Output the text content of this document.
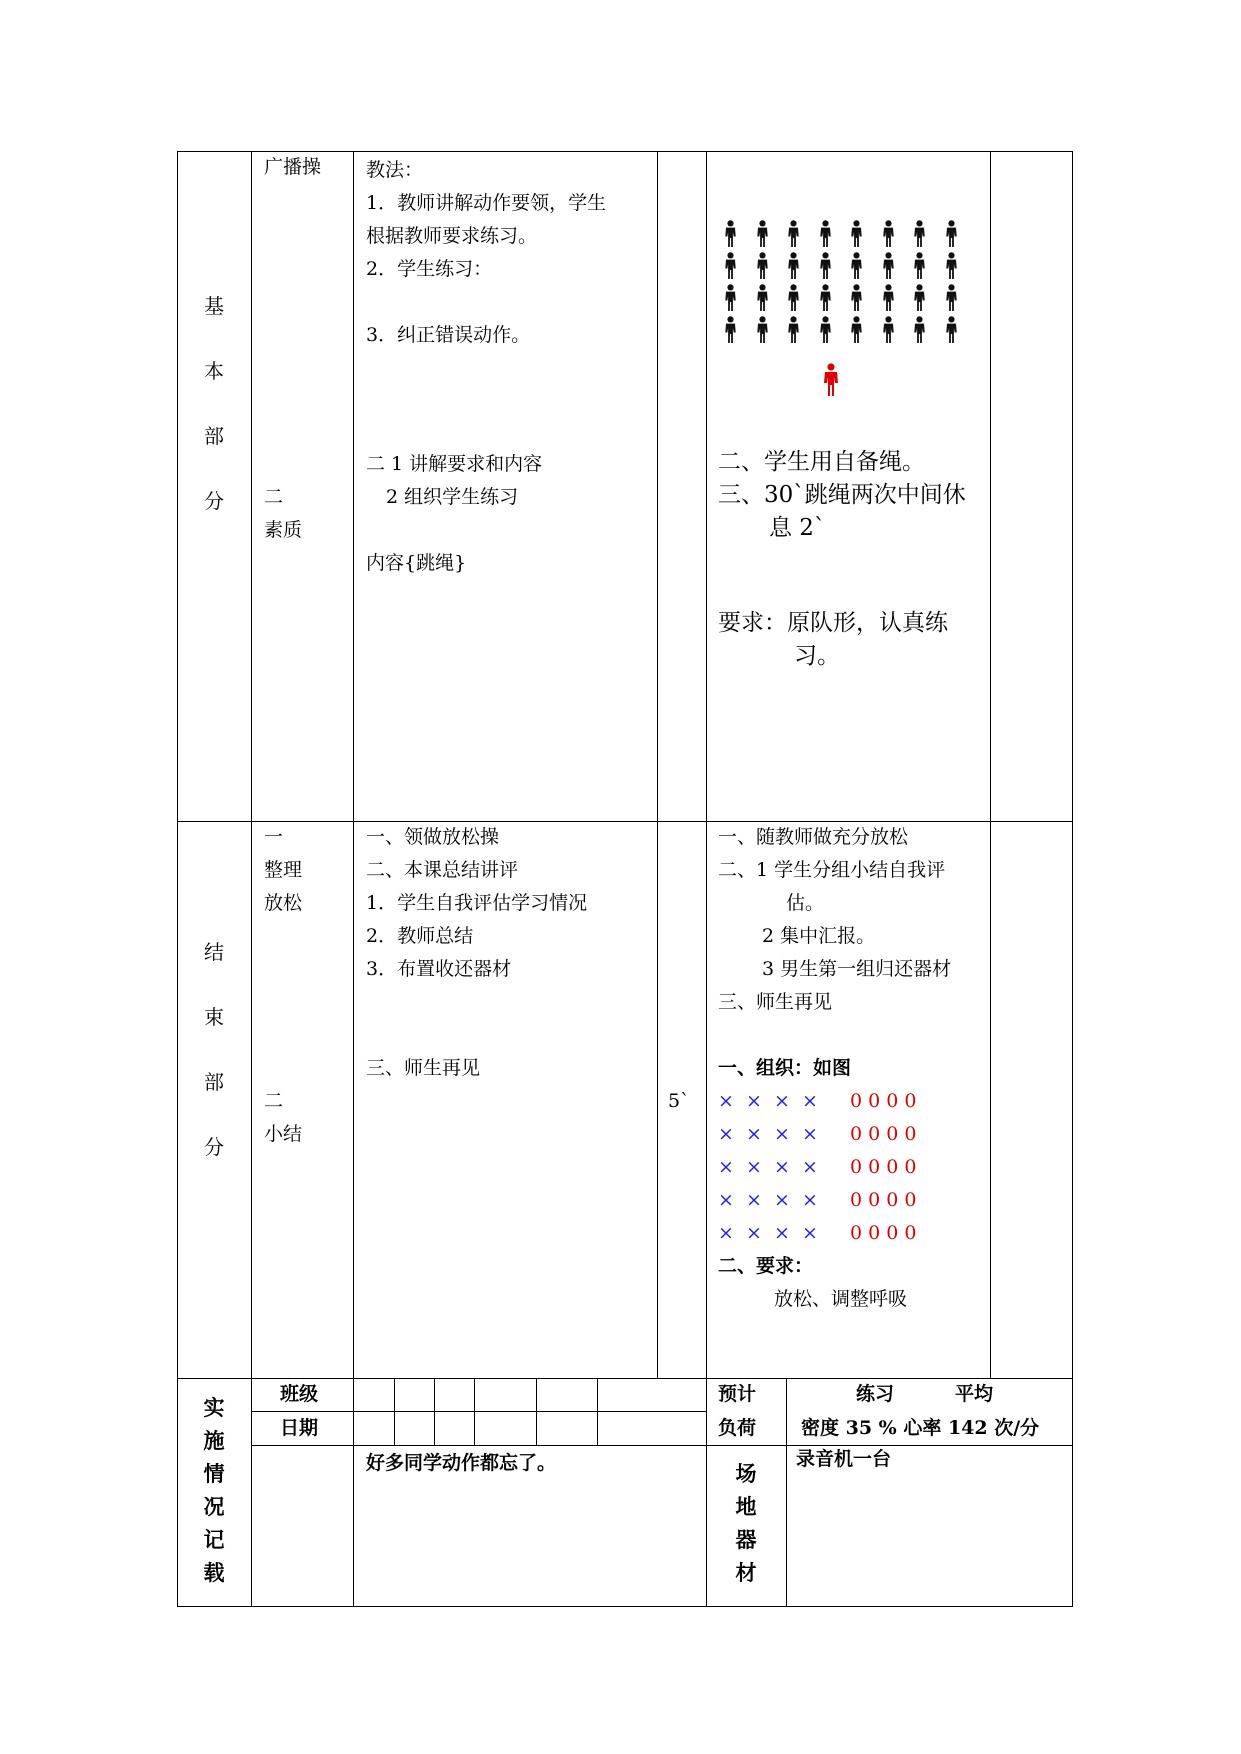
基
本
部
分
广播操
二
素质
教法：
1．教师讲解动作要领，学生
根据教师要求练习。
2．学生练习：
3．纠正错误动作。
二 1 讲解要求和内容
2 组织学生练习
内容{跳绳}
二、学生用自备绳。
三、30`跳绳两次中间休
息 2`
要求：原队形，认真练
习。
结
束
部
分
一
整理
放松
二
小结
一、领做放松操
二、本课总结讲评
1．学生自我评估学习情况
2．教师总结
3．布置收还器材
三、师生再见
5`
一、随教师做充分放松
二、1 学生分组小结自我评
估。
2 集中汇报。
3 男生第一组归还器材
三、师生再见
一、组织：如图
×  ×  ×  × 0 0 0 0
×  ×  ×  × 0 0 0 0
×  ×  ×  × 0 0 0 0
×  ×  ×  × 0 0 0 0
×  ×  ×  × 0 0 0 0
二、要求：
放松、调整呼吸
实
施
情
况
记
载
班级
日期
预计
负荷
练习	平均
密度 35 % 心率 142 次/分
好多同学动作都忘了。	场
地
器
材
录音机一台
